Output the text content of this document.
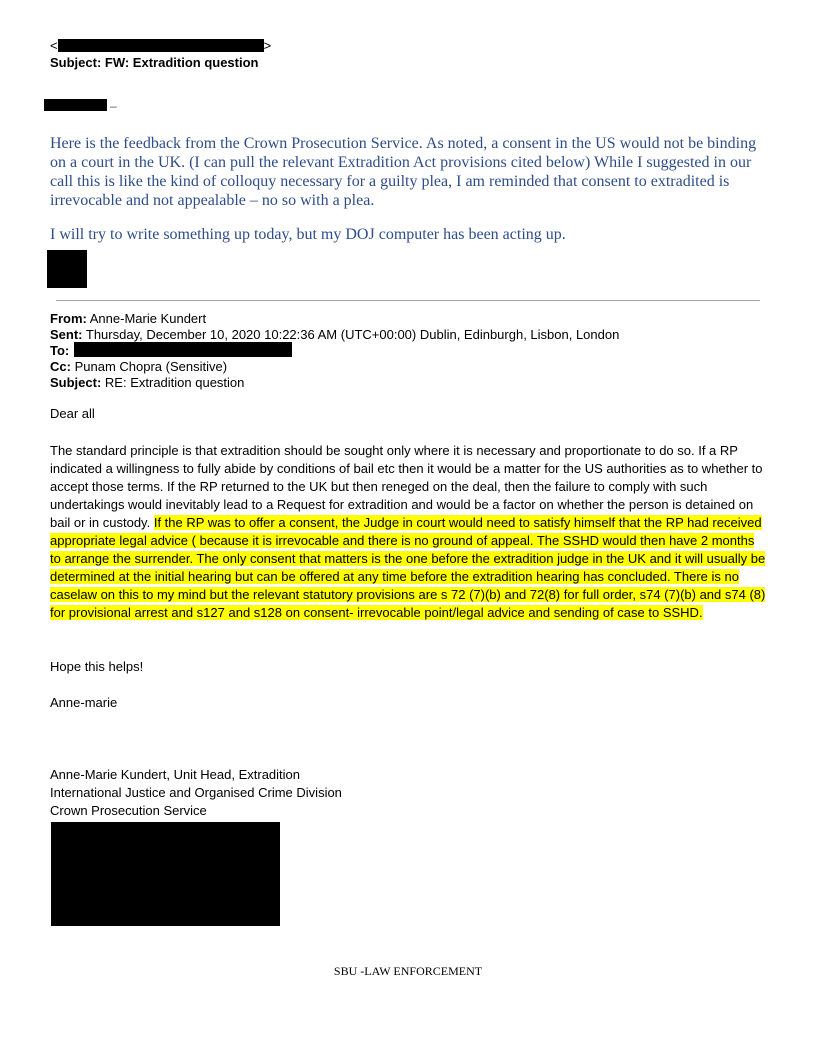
<	>
Subject: FW: Extradition question
–
Here is the feedback from the Crown Prosecution Service. As noted, a consent in the US would not be binding on a court in the UK. (I can pull the relevant Extradition Act provisions cited below) While I suggested in our call this is like the kind of colloquy necessary for a guilty plea, I am reminded that consent to extradited is irrevocable and not appealable – no so with a plea.
I will try to write something up today, but my DOJ computer has been acting up.
From: Anne-Marie Kundert
Sent: Thursday, December 10, 2020 10:22:36 AM (UTC+00:00) Dublin, Edinburgh, Lisbon, London
To:
Cc: Punam Chopra (Sensitive)
Subject: RE: Extradition question
Dear all
The standard principle is that extradition should be sought only where it is necessary and proportionate to do so. If a RP indicated a willingness to fully abide by conditions of bail etc then it would be a matter for the US authorities as to whether to accept those terms. If the RP returned to the UK but then reneged on the deal, then the failure to comply with such undertakings would inevitably lead to a Request for extradition and would be a factor on whether the person is detained on bail or in custody. If the RP was to offer a consent, the Judge in court would need to satisfy himself that the RP had received appropriate legal advice ( because it is irrevocable and there is no ground of appeal. The SSHD would then have 2 months to arrange the surrender. The only consent that matters is the one before the extradition judge in the UK and it will usually be determined at the initial hearing but can be offered at any time before the extradition hearing has concluded. There is no caselaw on this to my mind but the relevant statutory provisions are s 72 (7)(b) and 72(8) for full order, s74 (7)(b) and s74 (8) for provisional arrest and s127 and s128 on consent- irrevocable point/legal advice and sending of case to SSHD.
Hope this helps!
Anne-marie
Anne-Marie Kundert, Unit Head, Extradition
International Justice and Organised Crime Division
Crown Prosecution Service
SBU -LAW ENFORCEMENT
